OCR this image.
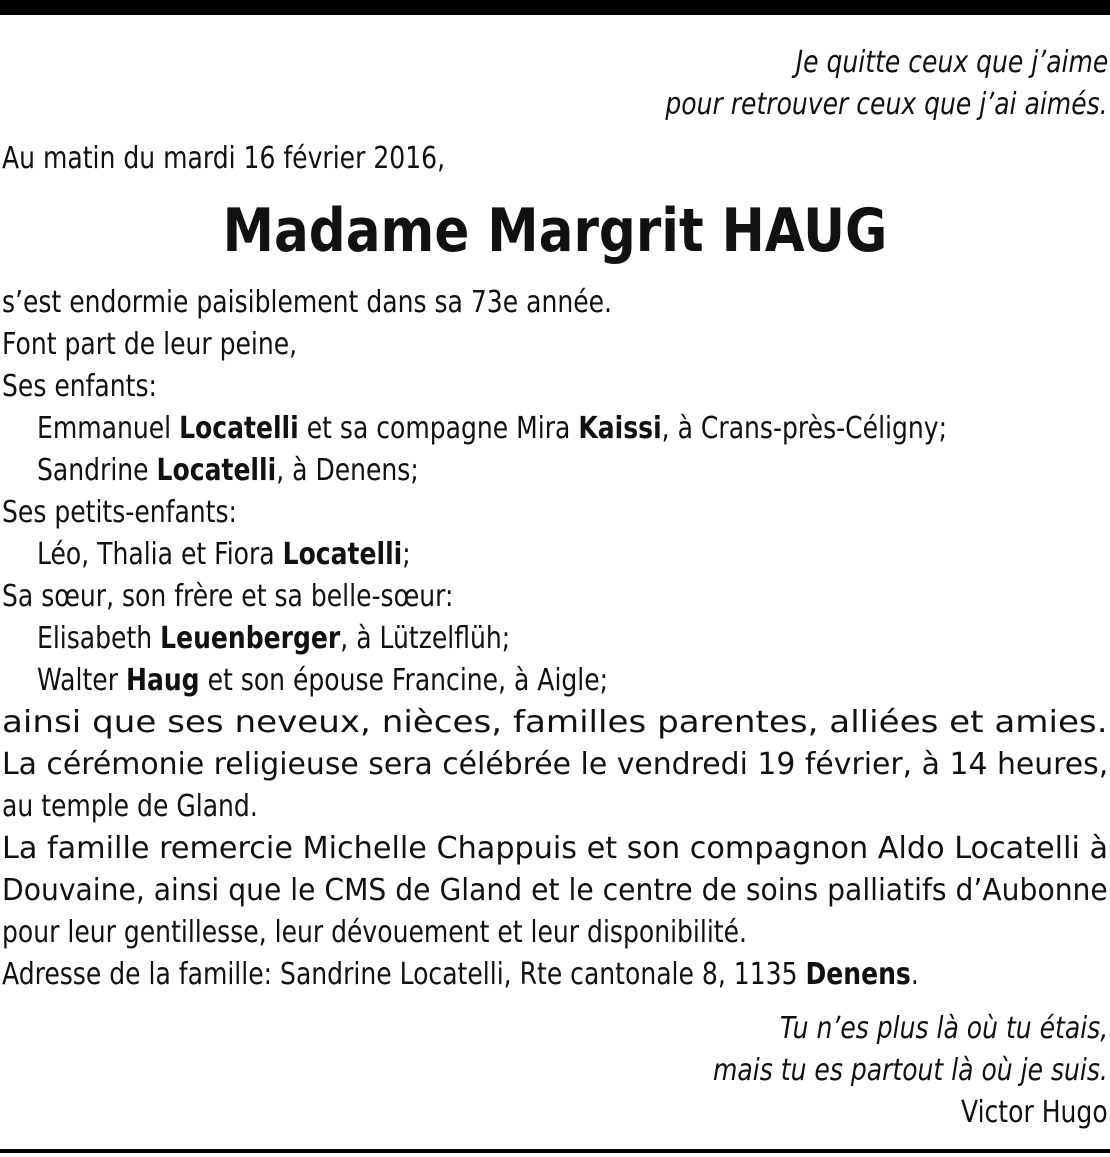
Je quitte ceux que j’aime
pour retrouver ceux que j’ai aimés.
Au matin du mardi 16 février 2016,
Madame Margrit HAUG
s’est endormie paisiblement dans sa 73e année.
Font part de leur peine,
Ses enfants:
Emmanuel Locatelli et sa compagne Mira Kaissi, à Crans-près-Céligny;
Sandrine Locatelli, à Denens;
Ses petits-enfants:
Léo, Thalia et Fiora Locatelli;
Sa sœur, son frère et sa belle-sœur:
Elisabeth Leuenberger, à Lützelflüh;
Walter Haug et son épouse Francine, à Aigle;
ainsi que ses neveux, nièces, familles parentes, alliées et amies.
La cérémonie religieuse sera célébrée le vendredi 19 février, à 14 heures,
au temple de Gland.
La famille remercie Michelle Chappuis et son compagnon Aldo Locatelli à
Douvaine, ainsi que le CMS de Gland et le centre de soins palliatifs d’Aubonne
pour leur gentillesse, leur dévouement et leur disponibilité.
Adresse de la famille: Sandrine Locatelli, Rte cantonale 8, 1135 Denens.
Tu n’es plus là où tu étais,
mais tu es partout là où je suis.
Victor Hugo
